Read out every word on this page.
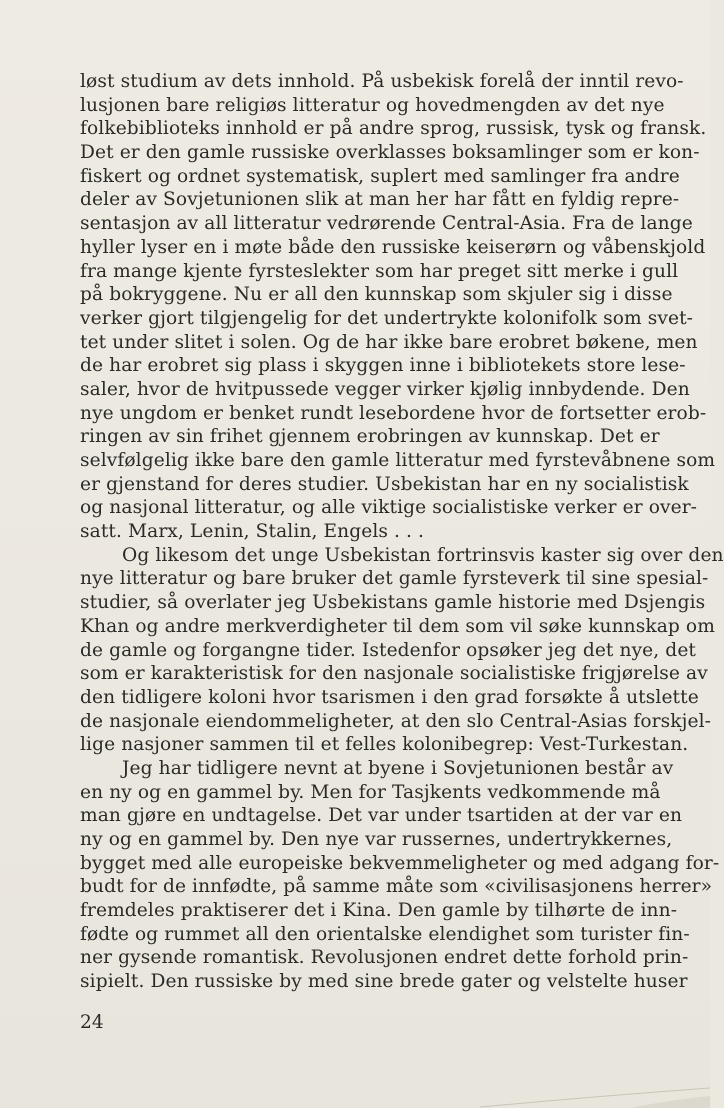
løst studium av dets innhold. På usbekisk forelå der inntil revo-
lusjonen bare religiøs litteratur og hovedmengden av det nye
folkebiblioteks innhold er på andre sprog, russisk, tysk og fransk.
Det er den gamle russiske overklasses boksamlinger som er kon-
fiskert og ordnet systematisk, suplert med samlinger fra andre
deler av Sovjetunionen slik at man her har fått en fyldig repre-
sentasjon av all litteratur vedrørende Central-Asia. Fra de lange
hyller lyser en i møte både den russiske keiserørn og våbenskjold
fra mange kjente fyrsteslekter som har preget sitt merke i gull
på bokryggene. Nu er all den kunnskap som skjuler sig i disse
verker gjort tilgjengelig for det undertrykte kolonifolk som svet-
tet under slitet i solen. Og de har ikke bare erobret bøkene, men
de har erobret sig plass i skyggen inne i bibliotekets store lese-
saler, hvor de hvitpussede vegger virker kjølig innbydende. Den
nye ungdom er benket rundt lesebordene hvor de fortsetter erob-
ringen av sin frihet gjennem erobringen av kunnskap. Det er
selvfølgelig ikke bare den gamle litteratur med fyrstevåbnene som
er gjenstand for deres studier. Usbekistan har en ny socialistisk
og nasjonal litteratur, og alle viktige socialistiske verker er over-
satt. Marx, Lenin, Stalin, Engels . . .
Og likesom det unge Usbekistan fortrinsvis kaster sig over den
nye litteratur og bare bruker det gamle fyrsteverk til sine spesial-
studier, så overlater jeg Usbekistans gamle historie med Dsjengis
Khan og andre merkverdigheter til dem som vil søke kunnskap om
de gamle og forgangne tider. Istedenfor opsøker jeg det nye, det
som er karakteristisk for den nasjonale socialistiske frigjørelse av
den tidligere koloni hvor tsarismen i den grad forsøkte å utslette
de nasjonale eiendommeligheter, at den slo Central-Asias forskjel-
lige nasjoner sammen til et felles kolonibegrep: Vest-Turkestan.
Jeg har tidligere nevnt at byene i Sovjetunionen består av
en ny og en gammel by. Men for Tasjkents vedkommende må
man gjøre en undtagelse. Det var under tsartiden at der var en
ny og en gammel by. Den nye var russernes, undertrykkernes,
bygget med alle europeiske bekvemmeligheter og med adgang for-
budt for de innfødte, på samme måte som «civilisasjonens herrer»
fremdeles praktiserer det i Kina. Den gamle by tilhørte de inn-
fødte og rummet all den orientalske elendighet som turister fin-
ner gysende romantisk. Revolusjonen endret dette forhold prin-
sipielt. Den russiske by med sine brede gater og velstelte huser
24
